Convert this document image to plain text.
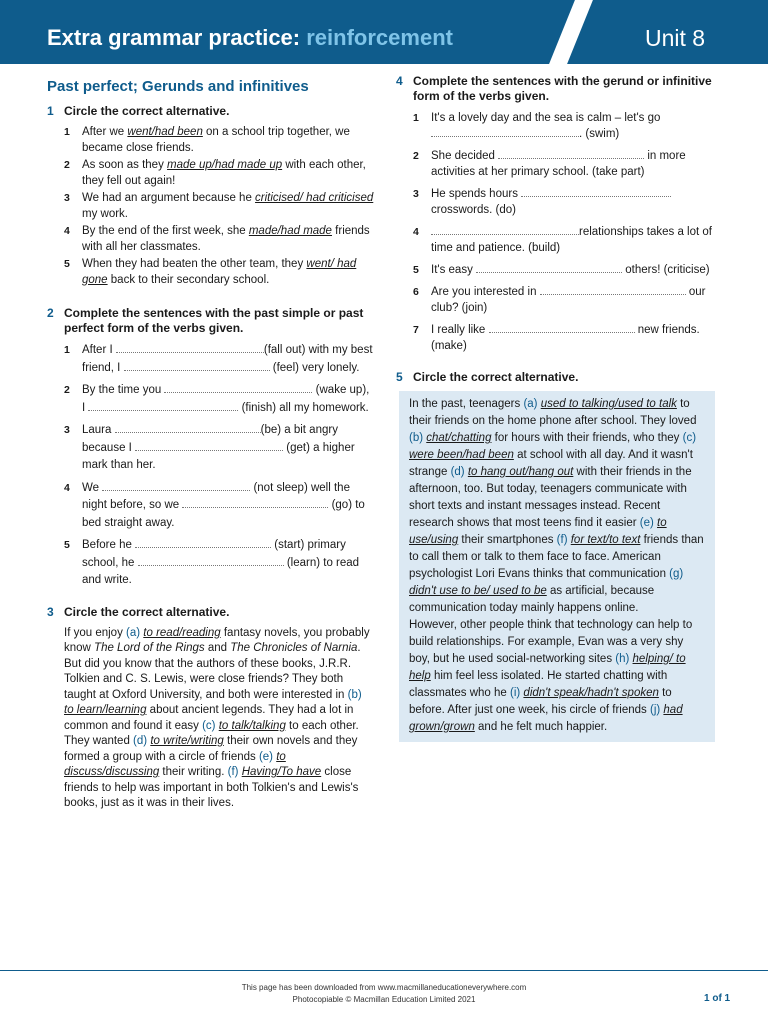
Extra grammar practice: reinforcement	Unit 8
Past perfect; Gerunds and infinitives
1 Circle the correct alternative.
1	After we went/had been on a school trip together, we became close friends.
2	As soon as they made up/had made up with each other, they fell out again!
3	We had an argument because he criticised/ had criticised my work.
4	By the end of the first week, she made/had made friends with all her classmates.
5	When they had beaten the other team, they went/ had gone back to their secondary school.
2 Complete the sentences with the past simple or past perfect form of the verbs given.
1	After I	(fall out) with my best friend, I	(feel) very lonely.
2	By the time you	(wake up), I	(finish) all my homework.
3	Laura	(be) a bit angry because I	(get) a higher mark than her.
4	We	(not sleep) well the night before, so we	(go) to bed straight away.
5	Before he	(start) primary school, he	(learn) to read and write.
3 Circle the correct alternative.
If you enjoy (a) to read/reading fantasy novels, you probably know The Lord of the Rings and The Chronicles of Narnia. But did you know that the authors of these books, J.R.R. Tolkien and C. S. Lewis, were close friends? They both taught at Oxford University, and both were interested in (b) to learn/learning about ancient legends. They had a lot in common and found it easy (c) to talk/talking to each other. They wanted (d) to write/writing their own novels and they formed a group with a circle of friends (e) to discuss/discussing their writing. (f) Having/To have close friends to help was important in both Tolkien's and Lewis's books, just as it was in their lives.
4 Complete the sentences with the gerund or infinitive form of the verbs given.
1	It's a lovely day and the sea is calm – let's go . (swim)
2	She decided	in more activities at her primary school. (take part)
3	He spends hours  crosswords. (do)
4	relationships takes a lot of time and patience. (build)
5	It's easy	others! (criticise)
6	Are you interested in	our club? (join)
7	I really like	new friends. (make)
5 Circle the correct alternative.
In the past, teenagers (a) used to talking/used to talk to their friends on the home phone after school. They loved (b) chat/chatting for hours with their friends, who they (c) were been/had been at school with all day. And it wasn't strange (d) to hang out/hang out with their friends in the afternoon, too. But today, teenagers communicate with short texts and instant messages instead. Recent research shows that most teens find it easier (e) to use/using their smartphones (f) for text/to text friends than to call them or talk to them face to face. American psychologist Lori Evans thinks that communication (g) didn't use to be/ used to be as artificial, because communication today mainly happens online.
However, other people think that technology can help to build relationships. For example, Evan was a very shy boy, but he used social-networking sites (h) helping/ to help him feel less isolated. He started chatting with classmates who he (i) didn't speak/hadn't spoken to before. After just one week, his circle of friends (j) had grown/grown and he felt much happier.
This page has been downloaded from www.macmillaneducationeverywhere.com
Photocopiable © Macmillan Education Limited 2021	1 of 1
